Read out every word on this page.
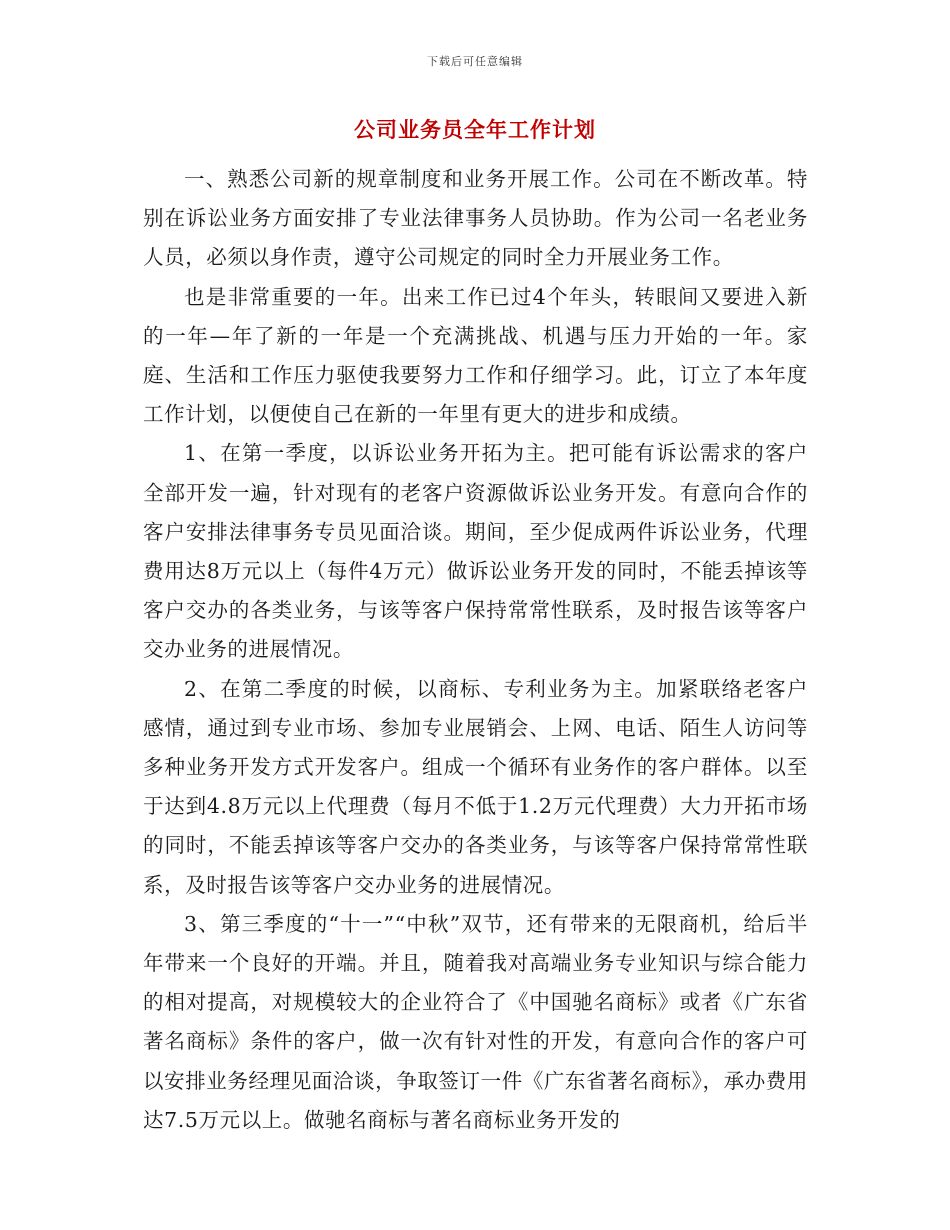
下载后可任意编辑
公司业务员全年工作计划

一、熟悉公司新的规章制度和业务开展工作。公司在不断改革。特别在诉讼业务方面安排了专业法律事务人员协助。作为公司一名老业务人员，必须以身作责，遵守公司规定的同时全力开展业务工作。

也是非常重要的一年。出来工作已过4个年头，转眼间又要进入新的一年—年了新的一年是一个充满挑战、机遇与压力开始的一年。家庭、生活和工作压力驱使我要努力工作和仔细学习。此，订立了本年度工作计划，以便使自己在新的一年里有更大的进步和成绩。

1、在第一季度，以诉讼业务开拓为主。把可能有诉讼需求的客户全部开发一遍，针对现有的老客户资源做诉讼业务开发。有意向合作的客户安排法律事务专员见面洽谈。期间，至少促成两件诉讼业务，代理费用达8万元以上（每件4万元）做诉讼业务开发的同时，不能丢掉该等客户交办的各类业务，与该等客户保持常常性联系，及时报告该等客户交办业务的进展情况。

2、在第二季度的时候，以商标、专利业务为主。加紧联络老客户感情，通过到专业市场、参加专业展销会、上网、电话、陌生人访问等多种业务开发方式开发客户。组成一个循环有业务作的客户群体。以至于达到4.8万元以上代理费（每月不低于1.2万元代理费）大力开拓市场的同时，不能丢掉该等客户交办的各类业务，与该等客户保持常常性联系，及时报告该等客户交办业务的进展情况。

3、第三季度的“十一”“中秋”双节，还有带来的无限商机，给后半年带来一个良好的开端。并且，随着我对高端业务专业知识与综合能力的相对提高，对规模较大的企业符合了《中国驰名商标》或者《广东省著名商标》条件的客户，做一次有针对性的开发，有意向合作的客户可以安排业务经理见面洽谈，争取签订一件《广东省著名商标》，承办费用达7.5万元以上。做驰名商标与著名商标业务开发的
